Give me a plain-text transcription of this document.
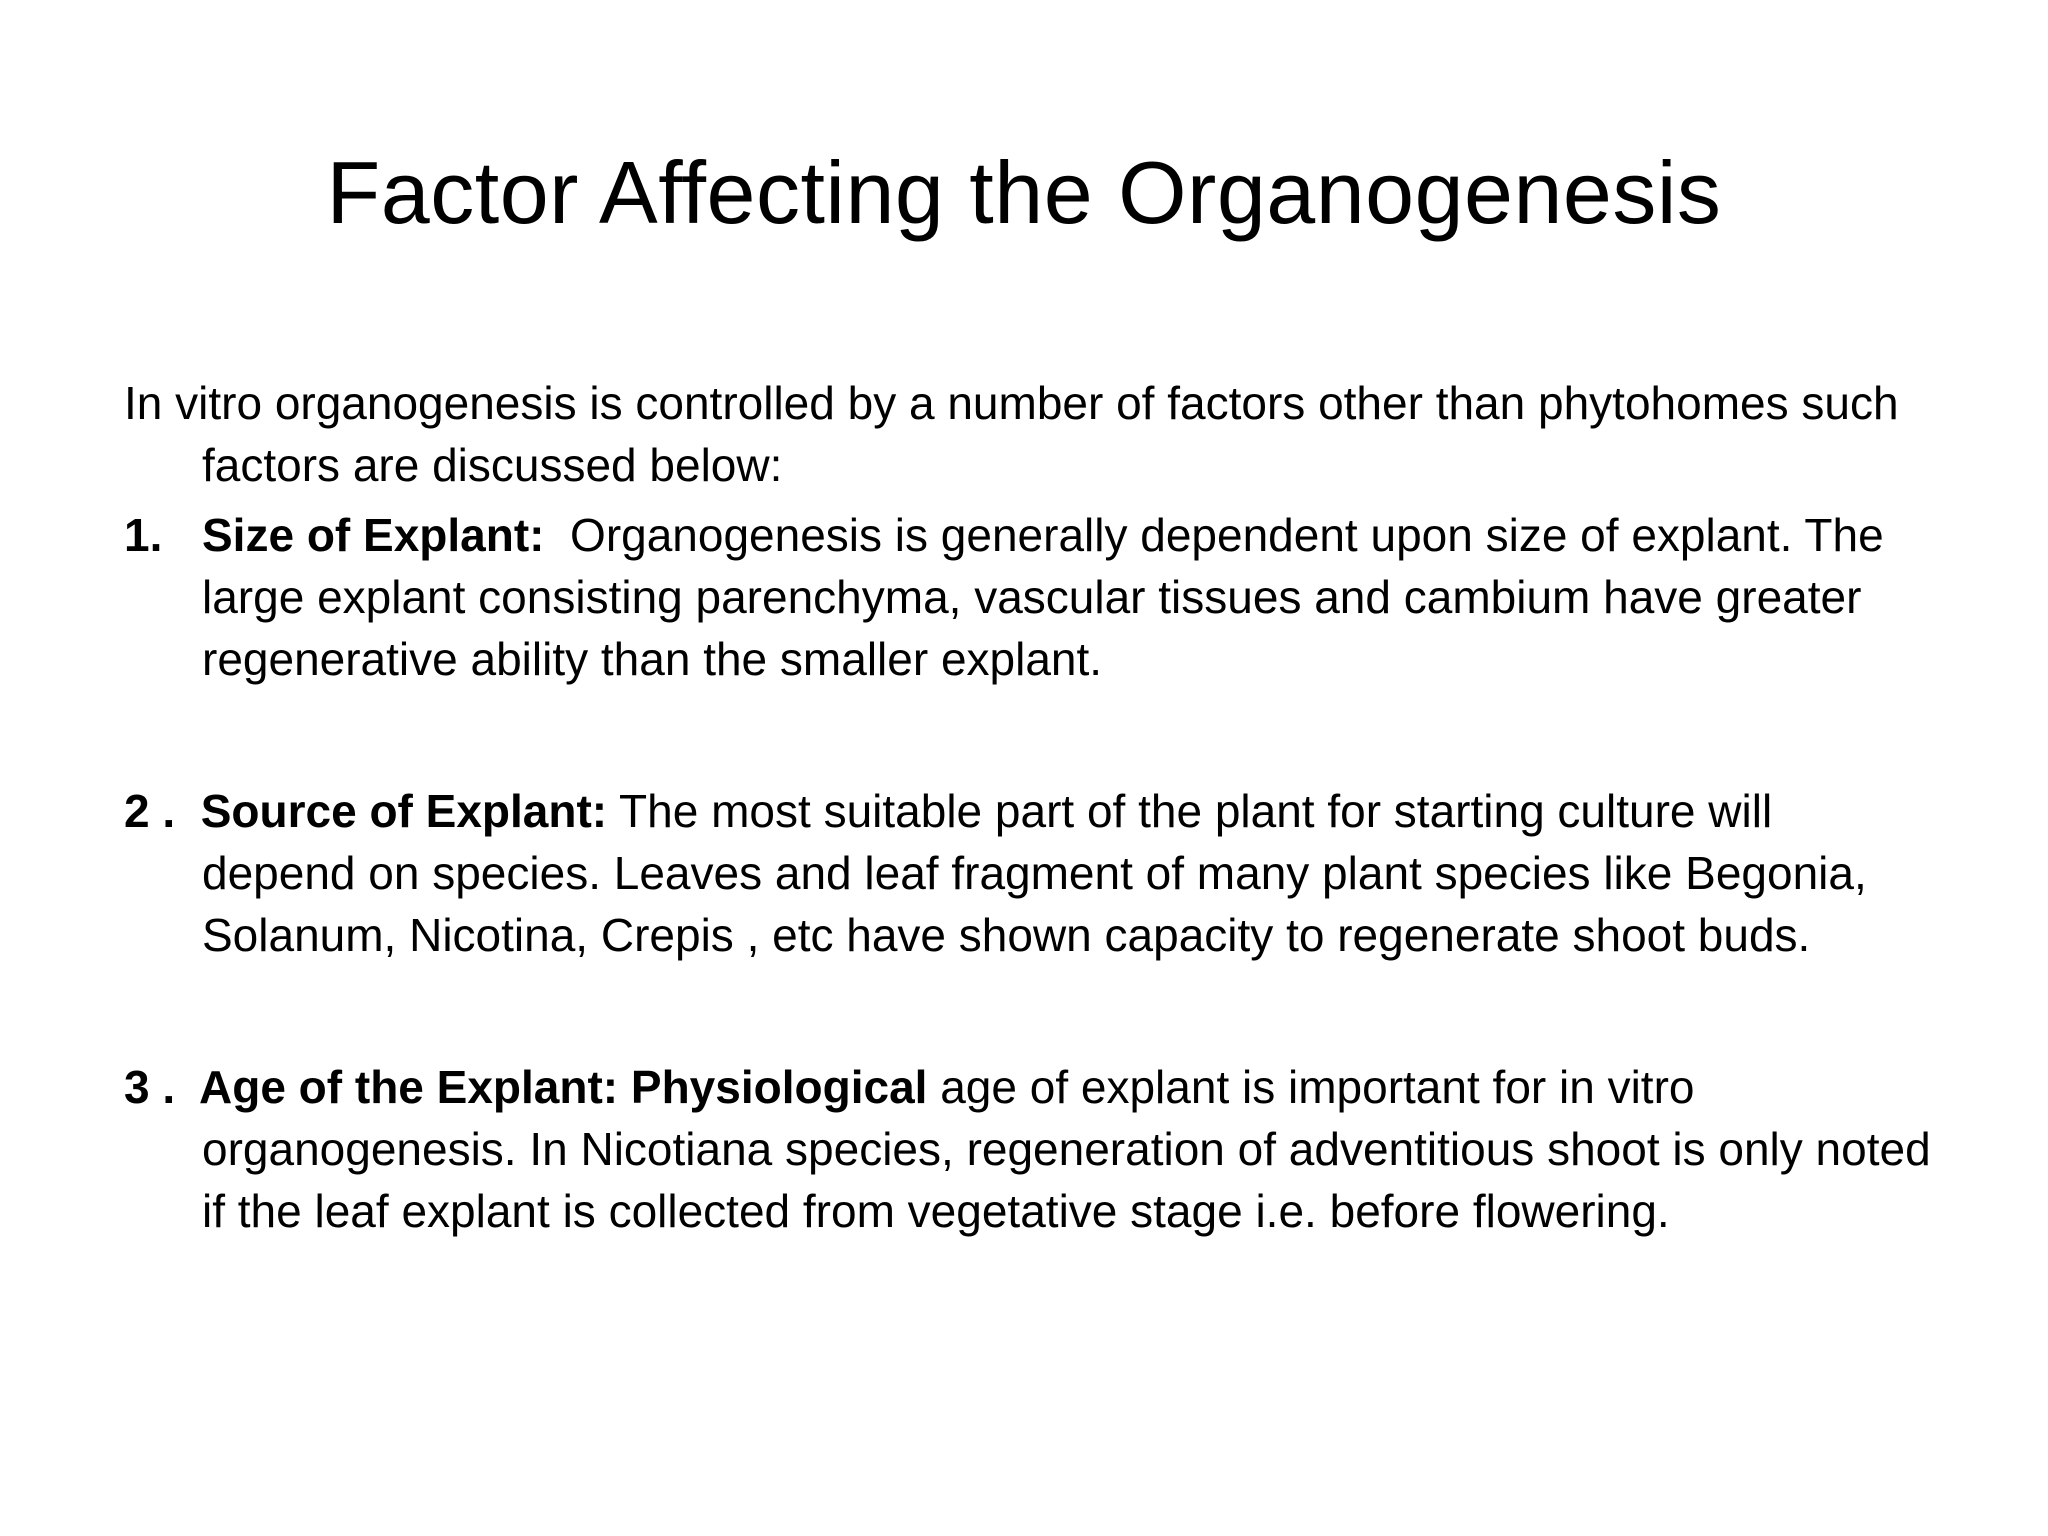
Factor Affecting the Organogenesis

In vitro organogenesis is controlled by a number of factors other than phytohomes such factors are discussed below:

1. Size of Explant:  Organogenesis is generally dependent upon size of explant. The large explant consisting parenchyma, vascular tissues and cambium have greater regenerative ability than the smaller explant.

2 .  Source of Explant: The most suitable part of the plant for starting culture will depend on species. Leaves and leaf fragment of many plant species like Begonia, Solanum, Nicotina, Crepis , etc have shown capacity to regenerate shoot buds.

3 .  Age of the Explant: Physiological age of explant is important for in vitro organogenesis. In Nicotiana species, regeneration of adventitious shoot is only noted if the leaf explant is collected from vegetative stage i.e. before flowering.
